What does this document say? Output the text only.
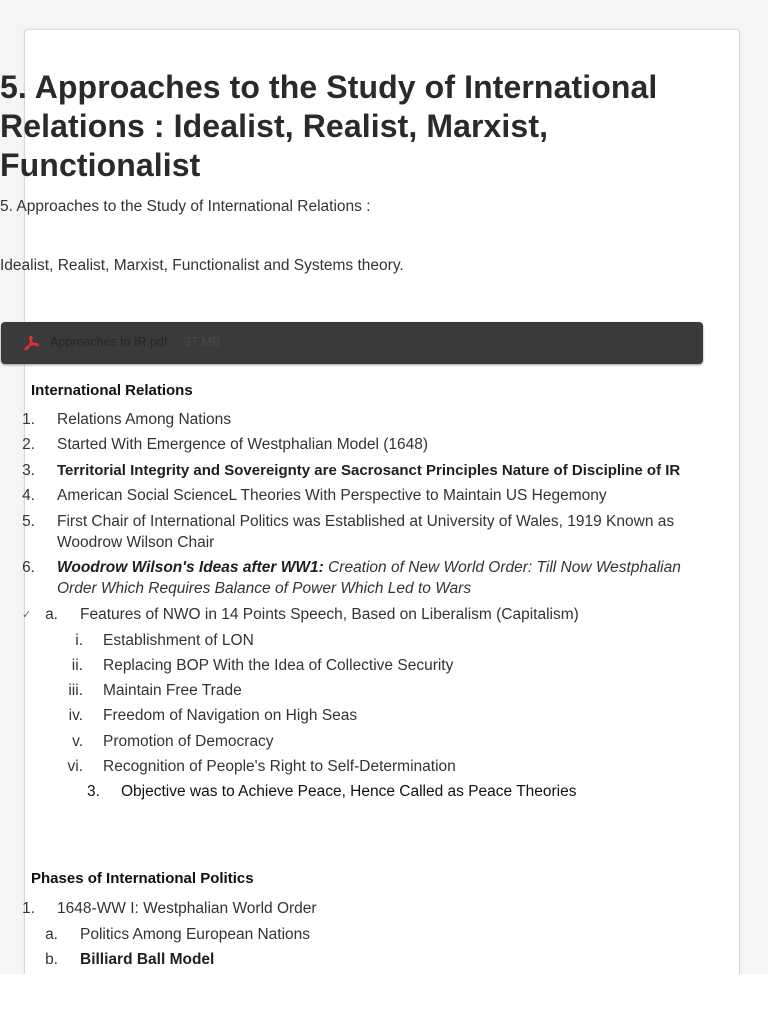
5. Approaches to the Study of International Relations : Idealist, Realist, Marxist, Functionalist

5. Approaches to the Study of International Relations :

Idealist, Realist, Marxist, Functionalist and Systems theory.

Approaches to IR.pdf 37 MB

International Relations

1. Relations Among Nations
2. Started With Emergence of Westphalian Model (1648)
3. Territorial Integrity and Sovereignty are Sacrosanct Principles Nature of Discipline of IR
4. American Social ScienceL Theories With Perspective to Maintain US Hegemony
5. First Chair of International Politics was Established at University of Wales, 1919 Known as
Woodrow Wilson Chair
6. Woodrow Wilson's Ideas after WW1: Creation of New World Order: Till Now Westphalian
Order Which Requires Balance of Power Which Led to Wars
✓ a. Features of NWO in 14 Points Speech, Based on Liberalism (Capitalism)
i. Establishment of LON
ii. Replacing BOP With the Idea of Collective Security
iii. Maintain Free Trade
iv. Freedom of Navigation on High Seas
v. Promotion of Democracy
vi. Recognition of People's Right to Self-Determination
3. Objective was to Achieve Peace, Hence Called as Peace Theories

Phases of International Politics

1. 1648-WW I: Westphalian World Order
a. Politics Among European Nations
b. Billiard Ball Model
